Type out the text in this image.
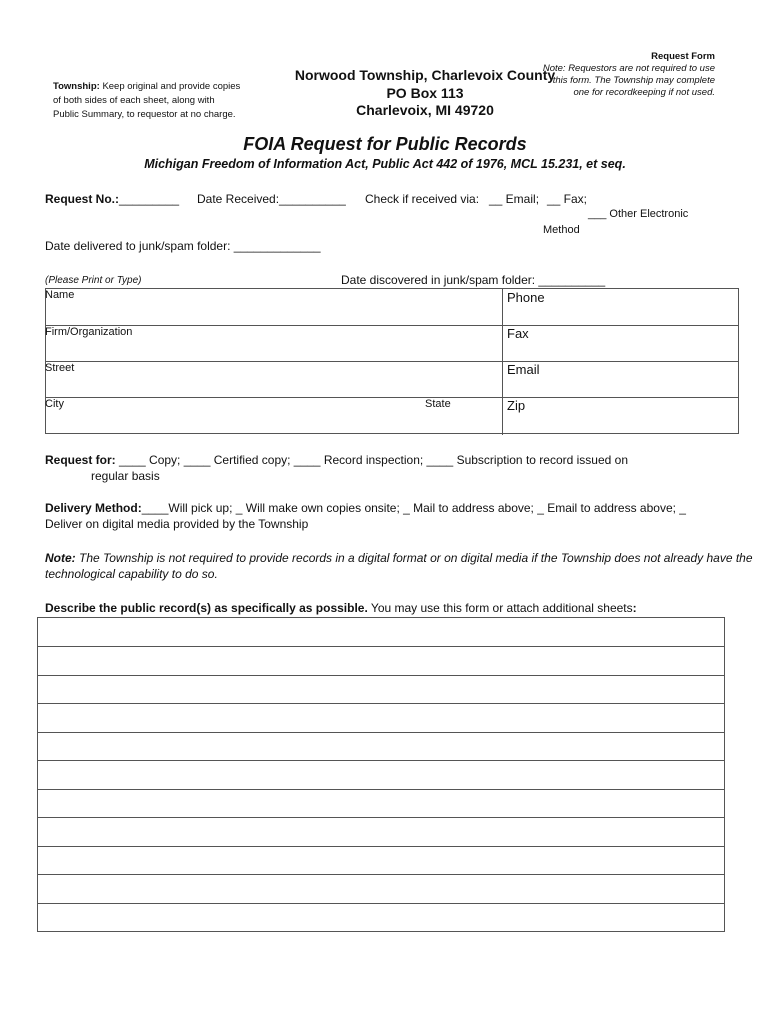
Township: Keep original and provide copies of both sides of each sheet, along with Public Summary, to requestor at no charge.
Norwood Township, Charlevoix County
PO Box 113
Charlevoix, MI 49720
Request Form
Note: Requestors are not required to use this form. The Township may complete one for recordkeeping if not used.
FOIA Request for Public Records
Michigan Freedom of Information Act, Public Act 442 of 1976, MCL 15.231, et seq.
Request No.:_________ Date Received:__________ Check if received via: __ Email; __ Fax;
___ Other Electronic
Method
Date delivered to junk/spam folder: _____________
(Please Print or Type)	Date discovered in junk/spam folder: __________
Name	Phone
Firm/Organization	Fax
Street	Email
City	State	Zip
Request for: ____ Copy; ____ Certified copy; ____ Record inspection; ____ Subscription to record issued on
regular basis
Delivery Method:____Will pick up; _ Will make own copies onsite; _ Mail to address above; _ Email to address above; _
Deliver on digital media provided by the Township
Note: The Township is not required to provide records in a digital format or on digital media if the Township does not already have the
technological capability to do so.
Describe the public record(s) as specifically as possible. You may use this form or attach additional sheets:
